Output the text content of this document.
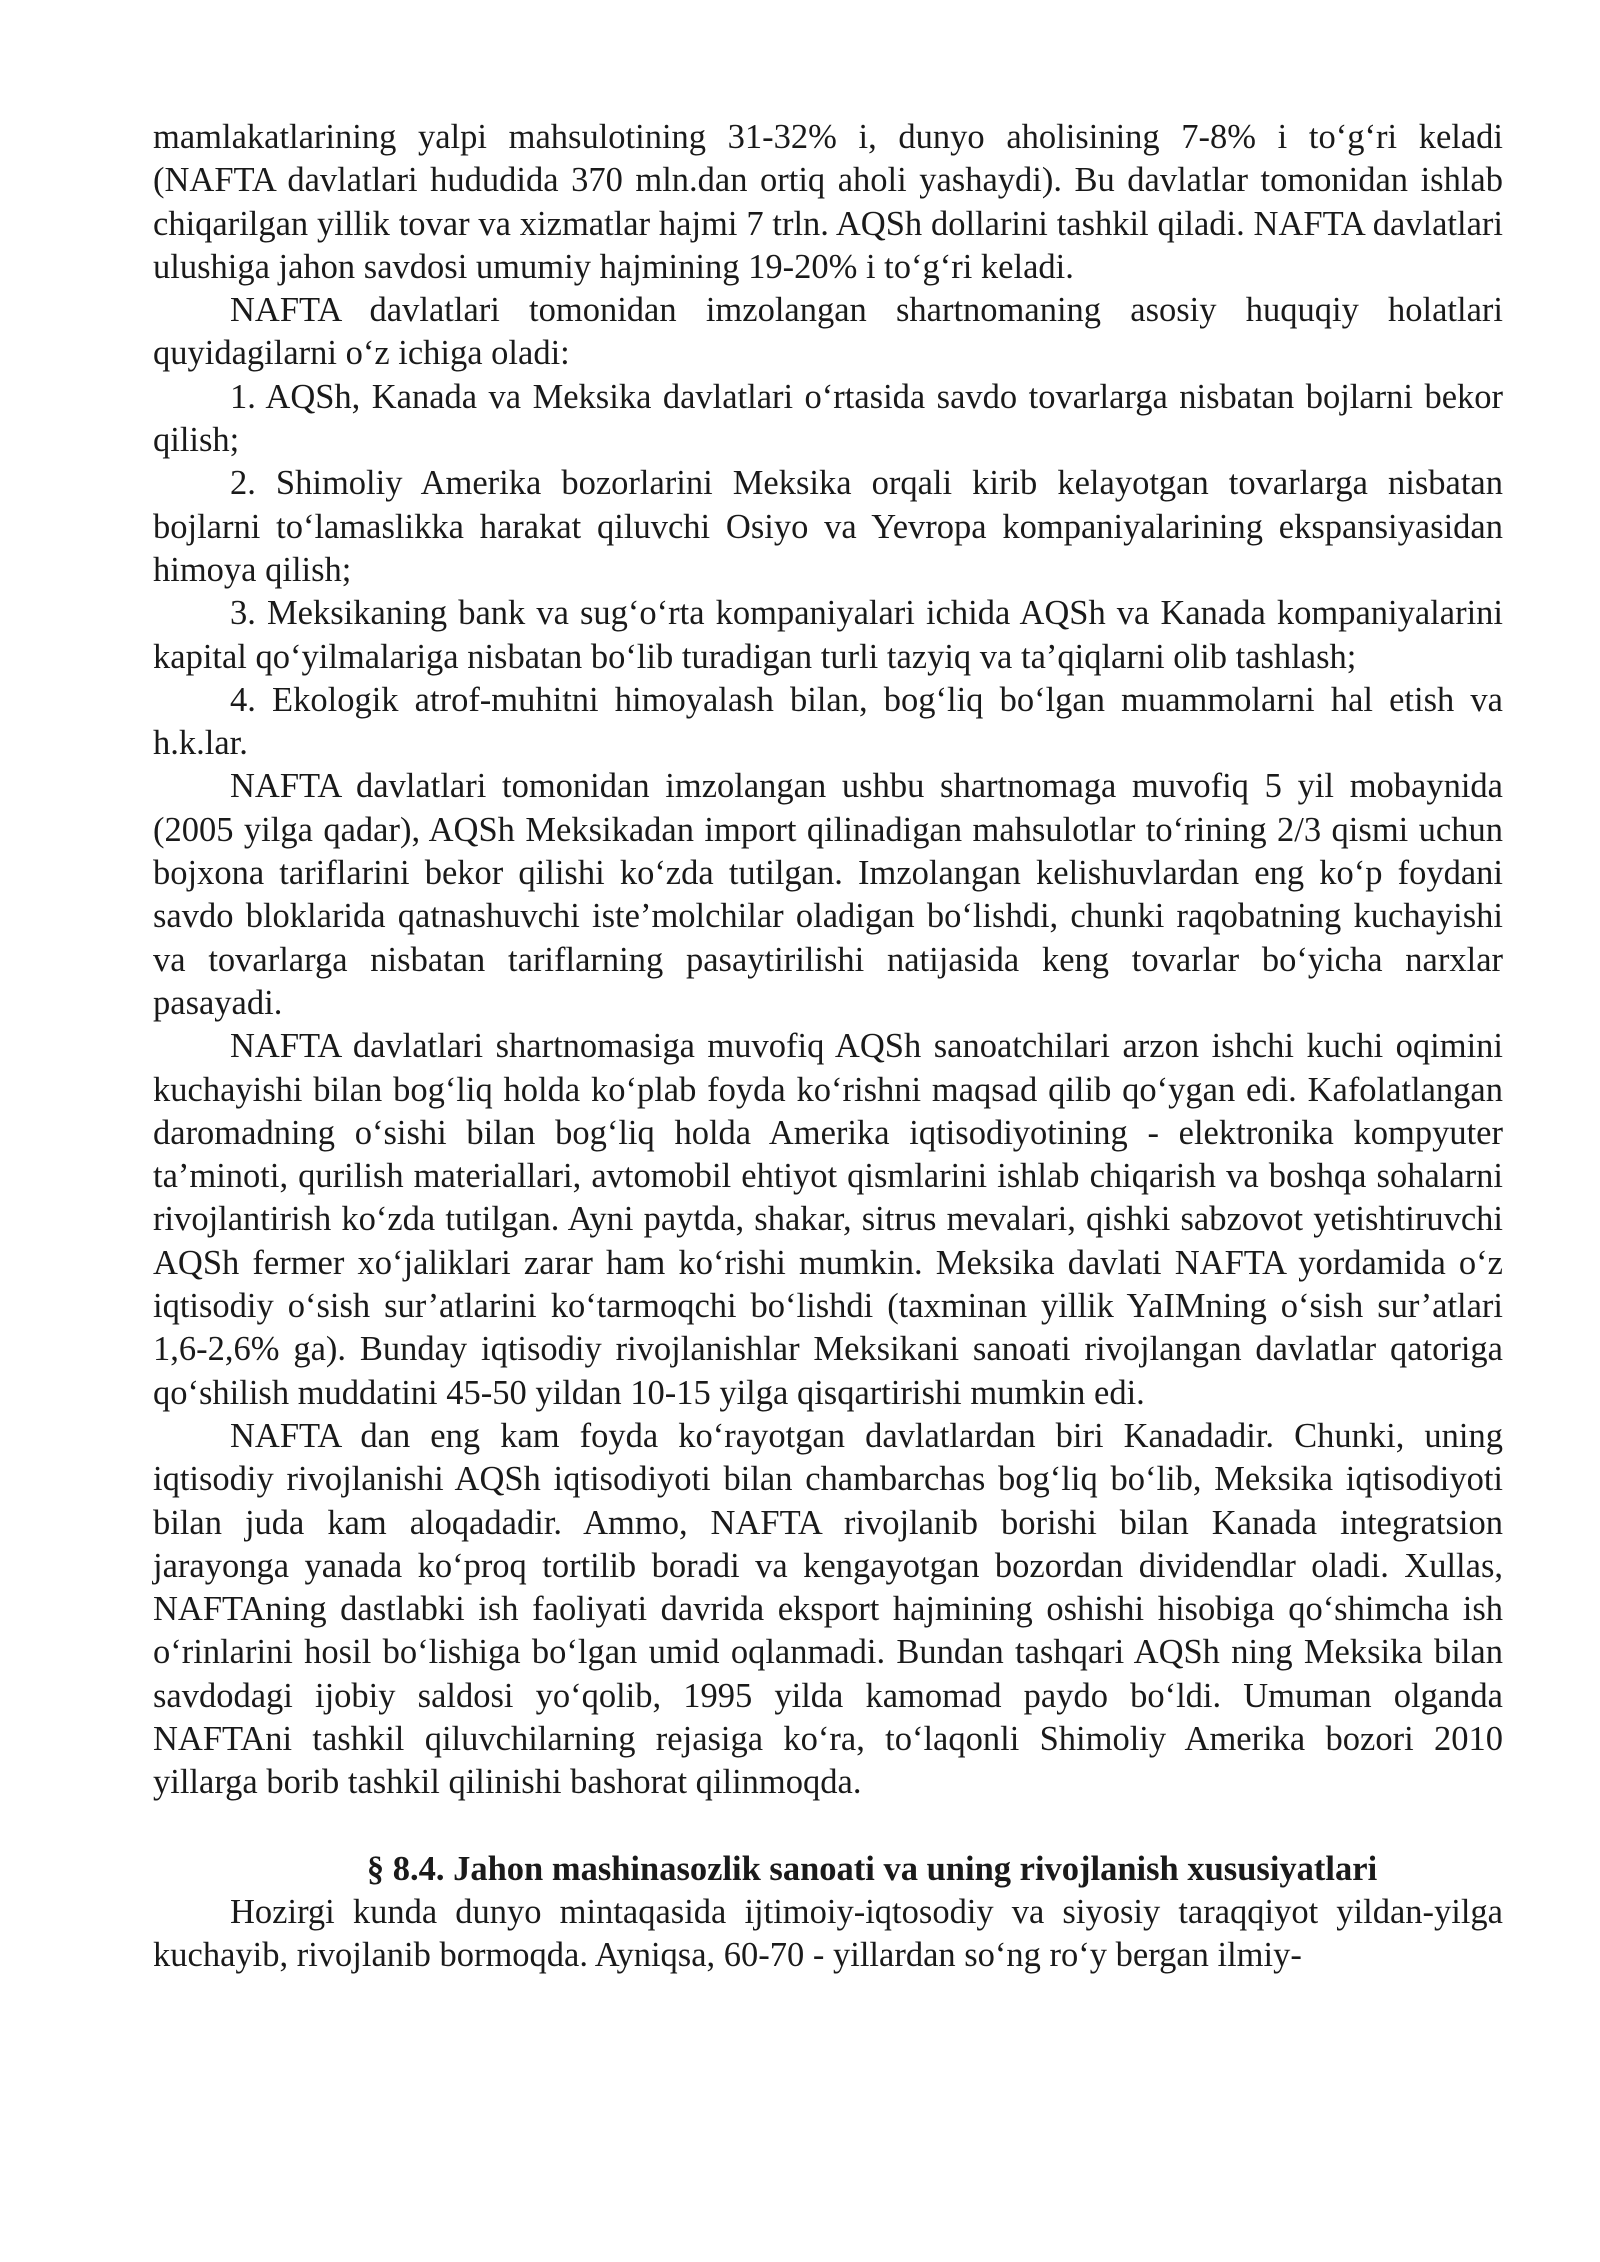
mamlakatlarining yalpi mahsulotining 31-32% i, dunyo aholisining 7-8% i to‘g‘ri keladi (NAFTA davlatlari hududida 370 mln.dan ortiq aholi yashaydi). Bu davlatlar tomonidan ishlab chiqarilgan yillik tovar va xizmatlar hajmi 7 trln. AQSh dollarini tashkil qiladi. NAFTA davlatlari ulushiga jahon savdosi umumiy hajmining 19-20% i to‘g‘ri keladi.

NAFTA davlatlari tomonidan imzolangan shartnomaning asosiy huquqiy holatlari quyidagilarni o‘z ichiga oladi:

1. AQSh, Kanada va Meksika davlatlari o‘rtasida savdo tovarlarga nisbatan bojlarni bekor qilish;

2. Shimoliy Amerika bozorlarini Meksika orqali kirib kelayotgan tovarlarga nisbatan bojlarni to‘lamaslikka harakat qiluvchi Osiyo va Yevropa kompaniyalarining ekspansiyasidan himoya qilish;

3. Meksikaning bank va sug‘o‘rta kompaniyalari ichida AQSh va Kanada kompaniyalarini kapital qo‘yilmalariga nisbatan bo‘lib turadigan turli tazyiq va ta’qiqlarni olib tashlash;

4. Ekologik atrof-muhitni himoyalash bilan, bog‘liq bo‘lgan muammolarni hal etish va h.k.lar.

NAFTA davlatlari tomonidan imzolangan ushbu shartnomaga muvofiq 5 yil mobaynida (2005 yilga qadar), AQSh Meksikadan import qilinadigan mahsulotlar to‘rining 2/3 qismi uchun bojxona tariflarini bekor qilishi ko‘zda tutilgan. Imzolangan kelishuvlardan eng ko‘p foydani savdo bloklarida qatnashuvchi iste’molchilar oladigan bo‘lishdi, chunki raqobatning kuchayishi va tovarlarga nisbatan tariflarning pasaytirilishi natijasida keng tovarlar bo‘yicha narxlar pasayadi.

NAFTA davlatlari shartnomasiga muvofiq AQSh sanoatchilari arzon ishchi kuchi oqimini kuchayishi bilan bog‘liq holda ko‘plab foyda ko‘rishni maqsad qilib qo‘ygan edi. Kafolatlangan daromadning o‘sishi bilan bog‘liq holda Amerika iqtisodiyotining - elektronika kompyuter ta’minoti, qurilish materiallari, avtomobil ehtiyot qismlarini ishlab chiqarish va boshqa sohalarni rivojlantirish ko‘zda tutilgan. Ayni paytda, shakar, sitrus mevalari, qishki sabzovot yetishtiruvchi AQSh fermer xo‘jaliklari zarar ham ko‘rishi mumkin. Meksika davlati NAFTA yordamida o‘z iqtisodiy o‘sish sur’atlarini ko‘tarmoqchi bo‘lishdi (taxminan yillik YaIMning o‘sish sur’atlari 1,6-2,6% ga). Bunday iqtisodiy rivojlanishlar Meksikani sanoati rivojlangan davlatlar qatoriga qo‘shilish muddatini 45-50 yildan 10-15 yilga qisqartirishi mumkin edi.

NAFTA dan eng kam foyda ko‘rayotgan davlatlardan biri Kanadadir. Chunki, uning iqtisodiy rivojlanishi AQSh iqtisodiyoti bilan chambarchas bog‘liq bo‘lib, Meksika iqtisodiyoti bilan juda kam aloqadadir. Ammo, NAFTA rivojlanib borishi bilan Kanada integratsion jarayonga yanada ko‘proq tortilib boradi va kengayotgan bozordan dividendlar oladi. Xullas, NAFTAning dastlabki ish faoliyati davrida eksport hajmining oshishi hisobiga qo‘shimcha ish o‘rinlarini hosil bo‘lishiga bo‘lgan umid oqlanmadi. Bundan tashqari AQSh ning Meksika bilan savdodagi ijobiy saldosi yo‘qolib, 1995 yilda kamomad paydo bo‘ldi. Umuman olganda NAFTAni tashkil qiluvchilarning rejasiga ko‘ra, to‘laqonli Shimoliy Amerika bozori 2010 yillarga borib tashkil qilinishi bashorat qilinmoqda.

§ 8.4. Jahon mashinasozlik sanoati va uning rivojlanish xususiyatlari

Hozirgi kunda dunyo mintaqasida ijtimoiy-iqtosodiy va siyosiy taraqqiyot yildan-yilga kuchayib, rivojlanib bormoqda. Ayniqsa, 60-70 - yillardan so‘ng ro‘y bergan ilmiy-
